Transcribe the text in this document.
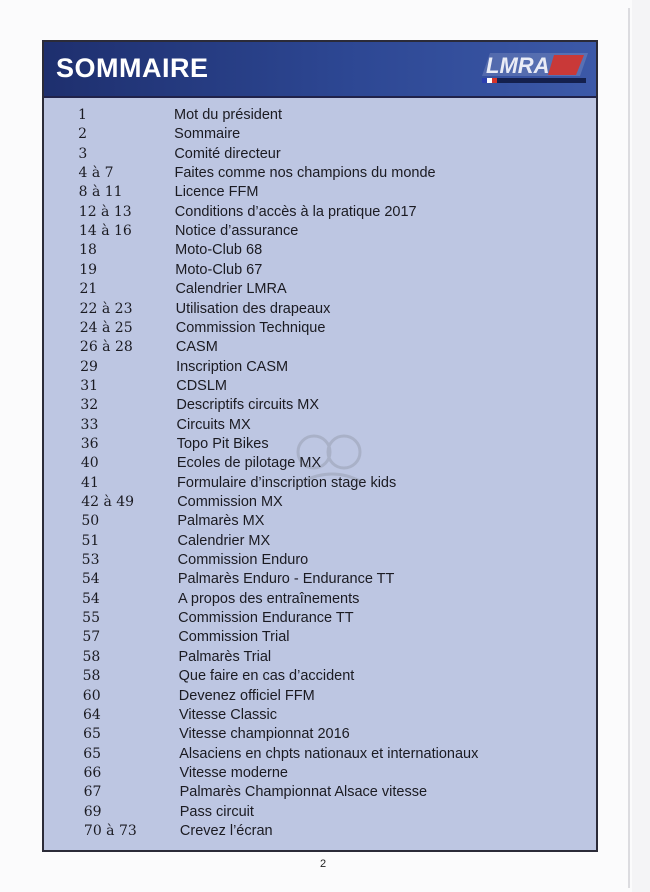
SOMMAIRE	LMRA
1	Mot du président
2	Sommaire
3	Comité directeur
4 à 7	Faites comme nos champions du monde
8 à 11	Licence FFM
12 à 13	Conditions d’accès à la pratique 2017
14 à 16	Notice d’assurance
18	Moto-Club 68
19	Moto-Club 67
21	Calendrier LMRA
22 à 23	Utilisation des drapeaux
24 à 25	Commission Technique
26 à 28	CASM
29	Inscription CASM
31	CDSLM
32	Descriptifs circuits MX
33	Circuits MX
36	Topo Pit Bikes
40	Ecoles de pilotage MX
41	Formulaire d’inscription stage kids
42 à 49	Commission MX
50	Palmarès MX
51	Calendrier MX
53	Commission Enduro
54	Palmarès Enduro - Endurance TT
54	A propos des entraînements
55	Commission Endurance TT
57	Commission Trial
58	Palmarès Trial
58	Que faire en cas d’accident
60	Devenez officiel FFM
64	Vitesse Classic
65	Vitesse championnat 2016
65	Alsaciens en chpts nationaux et internationaux
66	Vitesse moderne
67	Palmarès Championnat Alsace vitesse
69	Pass circuit
70 à 73	Crevez l’écran
2
